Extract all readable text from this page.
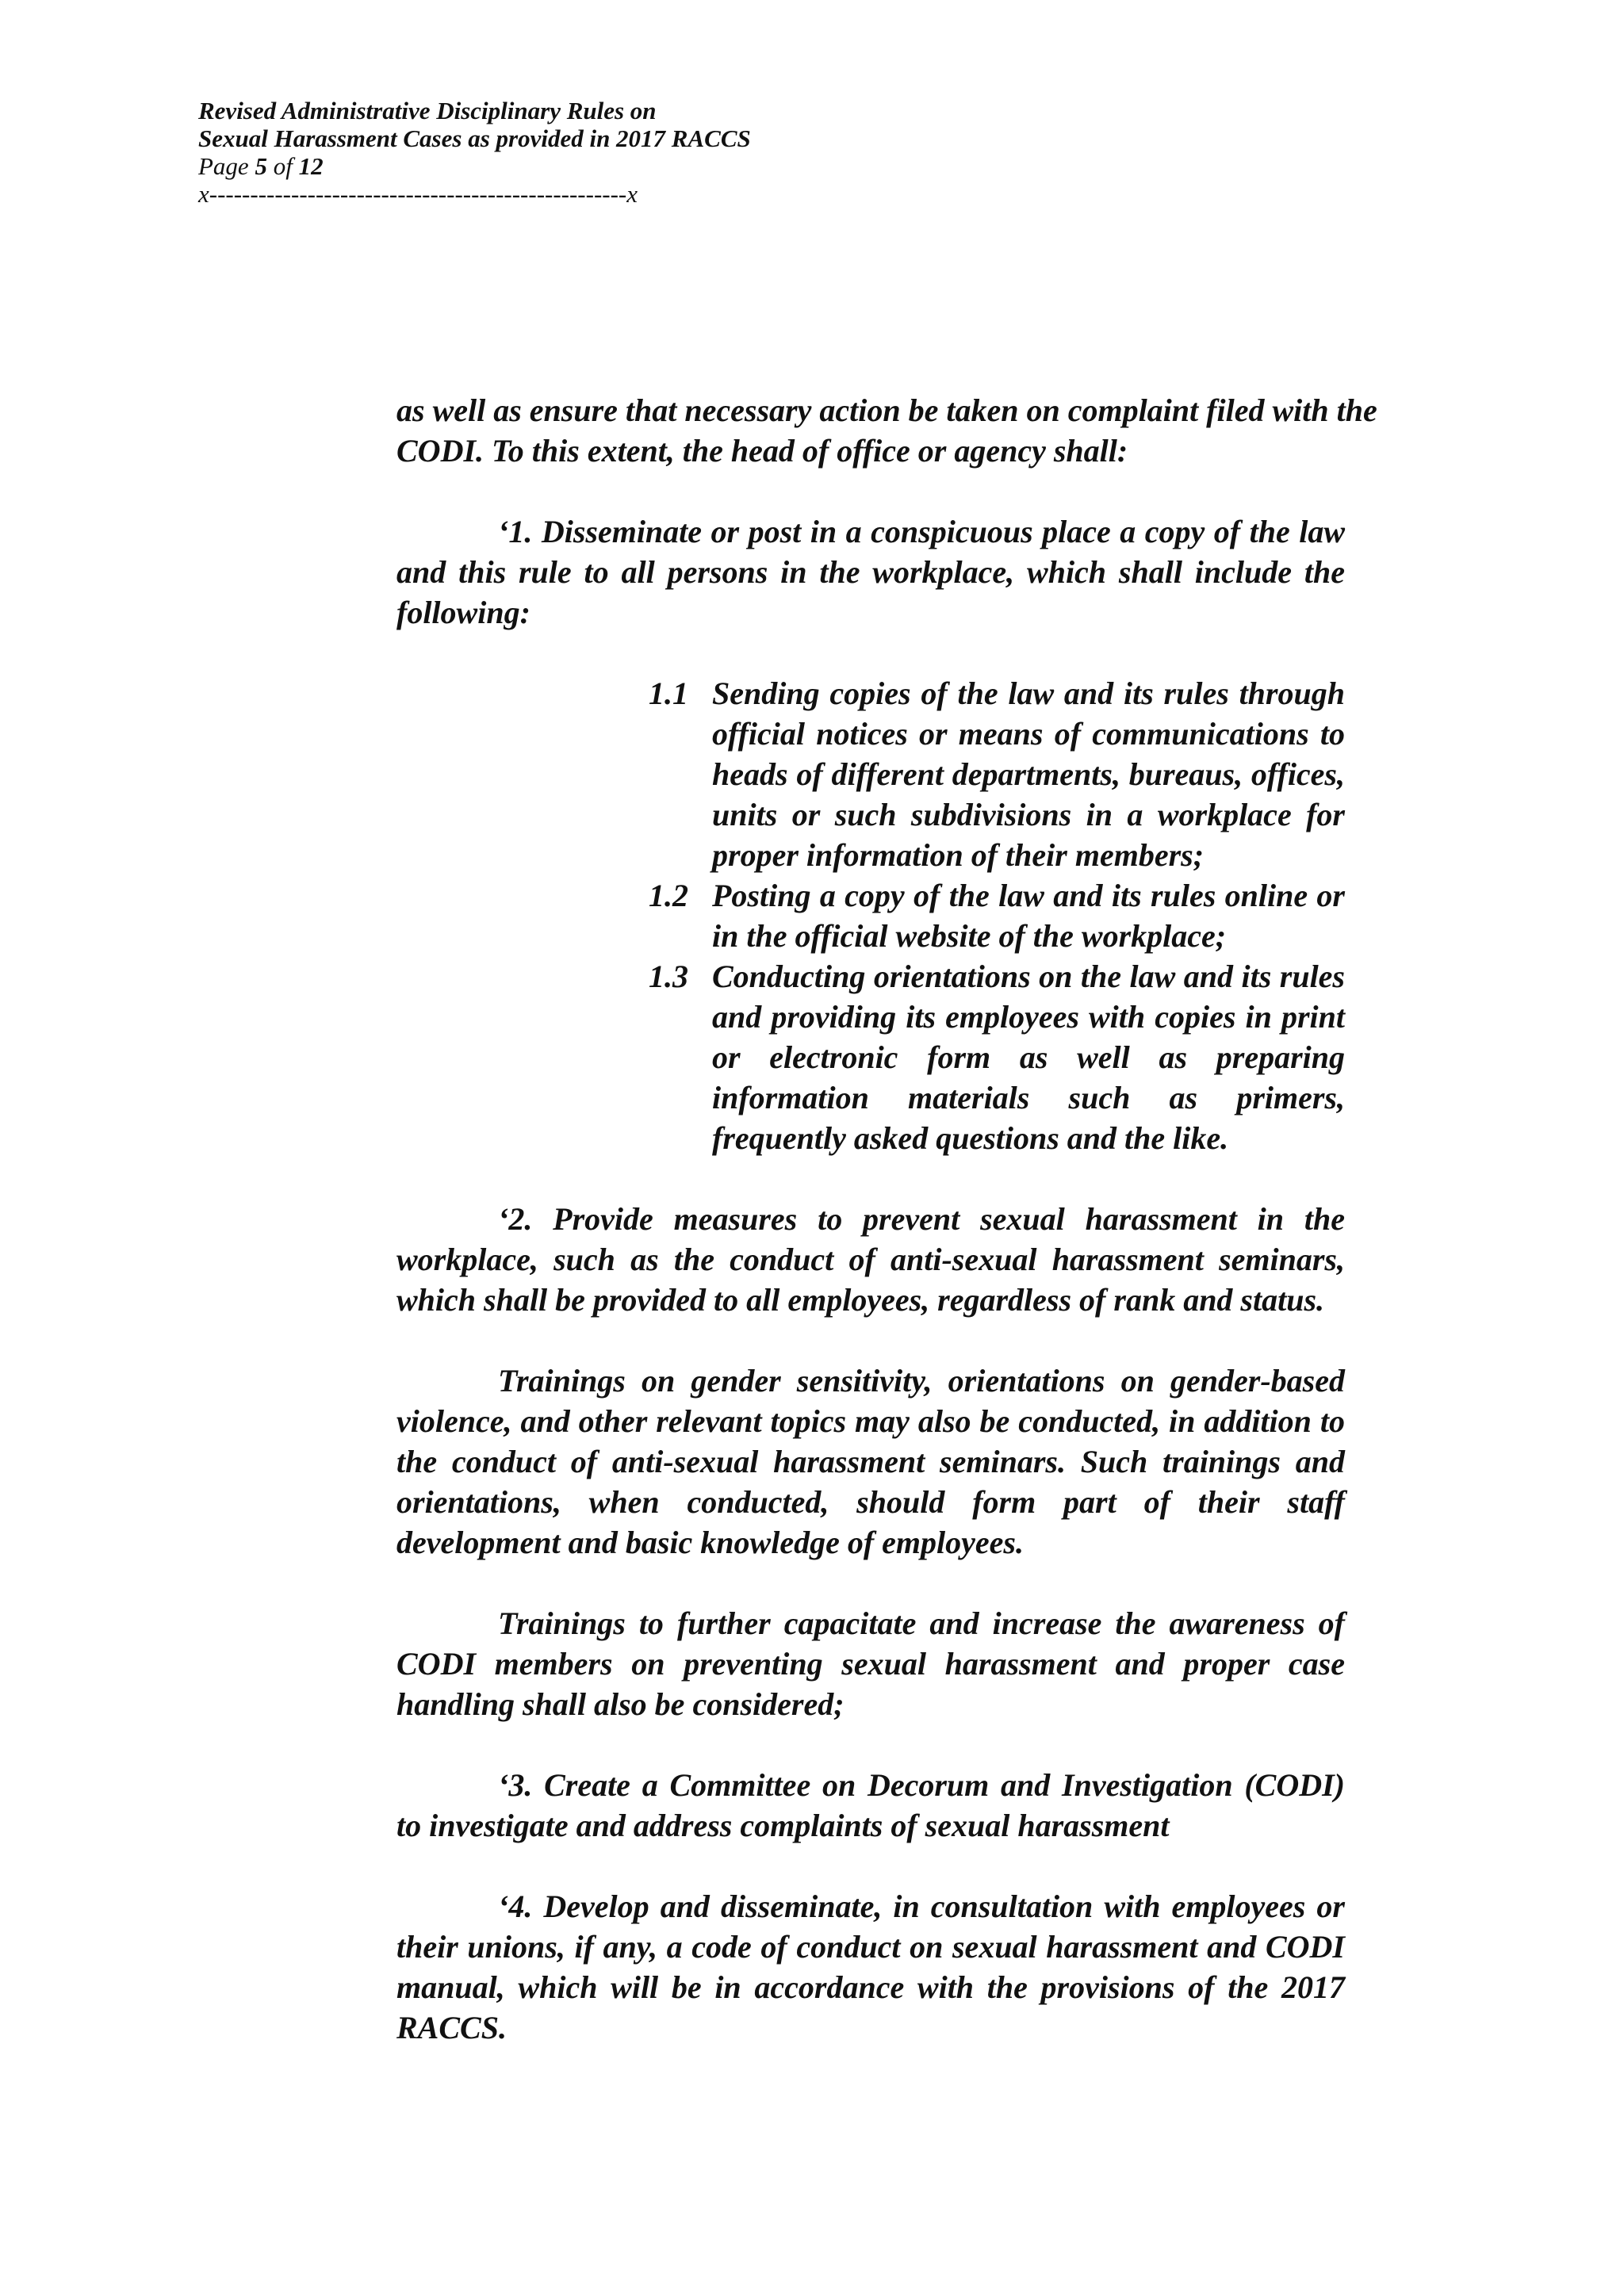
Revised Administrative Disciplinary Rules on
Sexual Harassment Cases as provided in 2017 RACCS
Page 5 of 12
x---------------------------------------------------x

as well as ensure that necessary action be taken on complaint filed with the CODI. To this extent, the head of office or agency shall:

‘1. Disseminate or post in a conspicuous place a copy of the law and this rule to all persons in the workplace, which shall include the following:

1.1 Sending copies of the law and its rules through official notices or means of communications to heads of different departments, bureaus, offices, units or such subdivisions in a workplace for proper information of their members;
1.2 Posting a copy of the law and its rules online or in the official website of the workplace;
1.3 Conducting orientations on the law and its rules and providing its employees with copies in print or electronic form as well as preparing information materials such as primers, frequently asked questions and the like.

‘2. Provide measures to prevent sexual harassment in the workplace, such as the conduct of anti-sexual harassment seminars, which shall be provided to all employees, regardless of rank and status.

Trainings on gender sensitivity, orientations on gender-based violence, and other relevant topics may also be conducted, in addition to the conduct of anti-sexual harassment seminars. Such trainings and orientations, when conducted, should form part of their staff development and basic knowledge of employees.

Trainings to further capacitate and increase the awareness of CODI members on preventing sexual harassment and proper case handling shall also be considered;

‘3. Create a Committee on Decorum and Investigation (CODI) to investigate and address complaints of sexual harassment

‘4. Develop and disseminate, in consultation with employees or their unions, if any, a code of conduct on sexual harassment and CODI manual, which will be in accordance with the provisions of the 2017 RACCS.
